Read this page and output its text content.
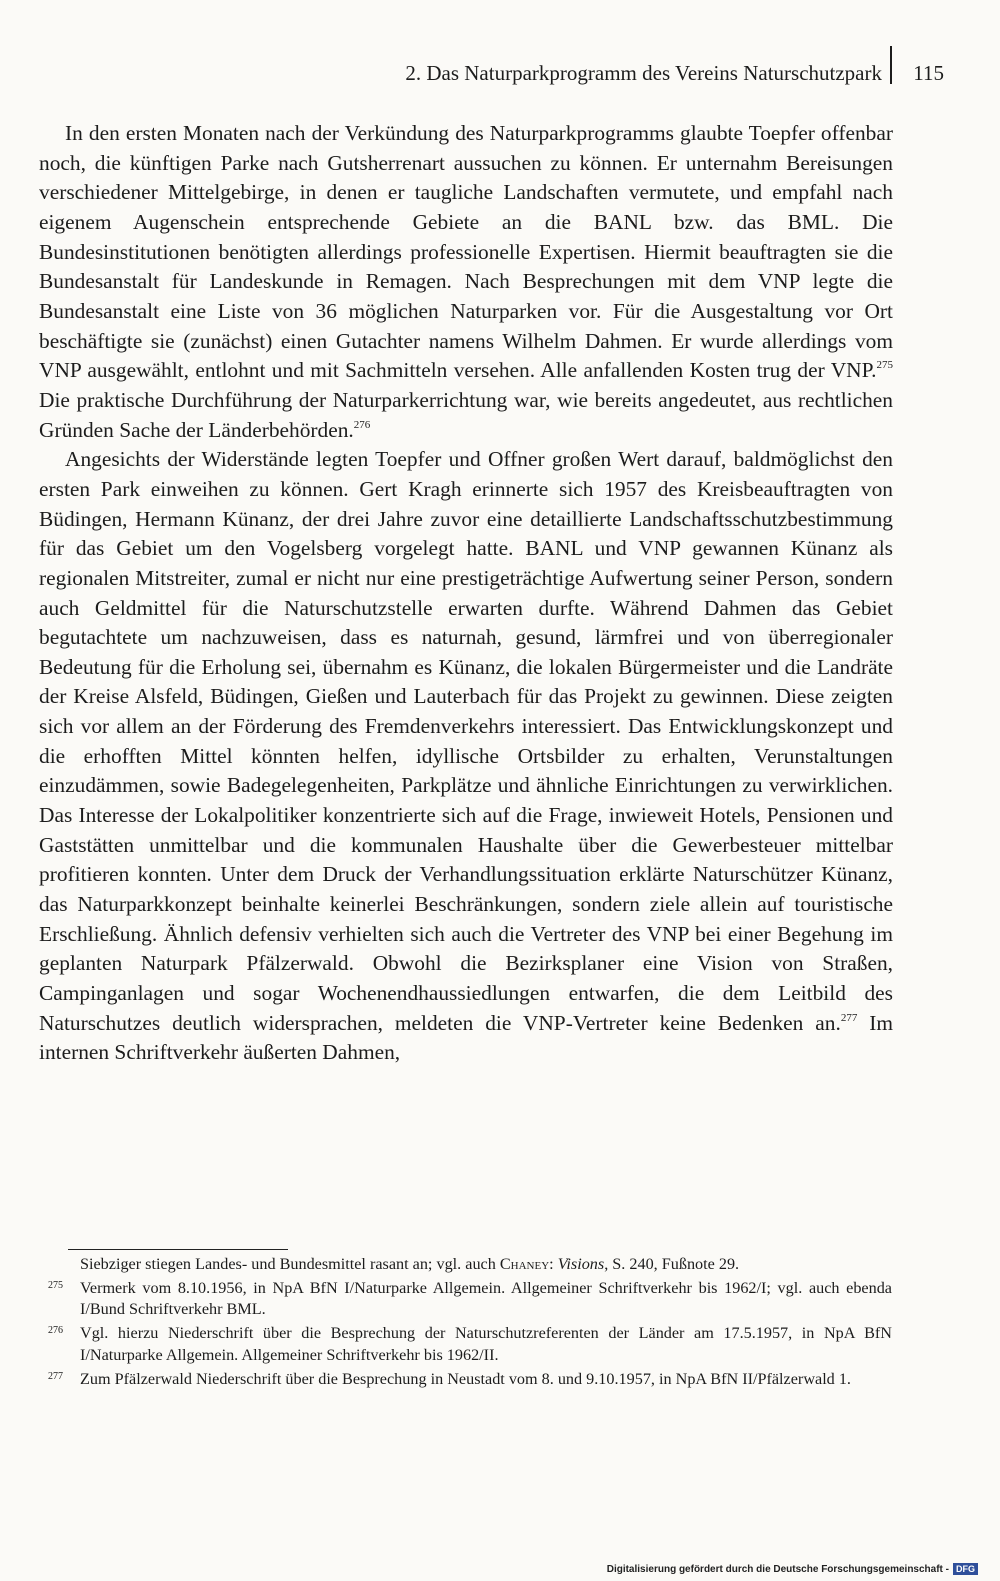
2. Das Naturparkprogramm des Vereins Naturschutzpark 115

In den ersten Monaten nach der Verkündung des Naturparkprogramms glaubte Toepfer offenbar noch, die künftigen Parke nach Gutsherrenart aussuchen zu können. Er unternahm Bereisungen verschiedener Mittelgebirge, in denen er taugliche Landschaften vermutete, und empfahl nach eigenem Augenschein entsprechende Gebiete an die BANL bzw. das BML. Die Bundesinstitutionen benötigten allerdings professionelle Expertisen. Hiermit beauftragten sie die Bundesanstalt für Landeskunde in Remagen. Nach Besprechungen mit dem VNP legte die Bundesanstalt eine Liste von 36 möglichen Naturparken vor. Für die Ausgestaltung vor Ort beschäftigte sie (zunächst) einen Gutachter namens Wilhelm Dahmen. Er wurde allerdings vom VNP ausgewählt, entlohnt und mit Sachmitteln versehen. Alle anfallenden Kosten trug der VNP.$^{275}$ Die praktische Durchführung der Naturparkerrichtung war, wie bereits angedeutet, aus rechtlichen Gründen Sache der Länderbehörden.$^{276}$

Angesichts der Widerstände legten Toepfer und Offner großen Wert darauf, baldmöglichst den ersten Park einweihen zu können. Gert Kragh erinnerte sich 1957 des Kreisbeauftragten von Büdingen, Hermann Künanz, der drei Jahre zuvor eine detaillierte Landschaftsschutzbestimmung für das Gebiet um den Vogelsberg vorgelegt hatte. BANL und VNP gewannen Künanz als regionalen Mitstreiter, zumal er nicht nur eine prestigeträchtige Aufwertung seiner Person, sondern auch Geldmittel für die Naturschutzstelle erwarten durfte. Während Dahmen das Gebiet begutachtete um nachzuweisen, dass es naturnah, gesund, lärmfrei und von überregionaler Bedeutung für die Erholung sei, übernahm es Künanz, die lokalen Bürgermeister und die Landräte der Kreise Alsfeld, Büdingen, Gießen und Lauterbach für das Projekt zu gewinnen. Diese zeigten sich vor allem an der Förderung des Fremdenverkehrs interessiert. Das Entwicklungskonzept und die erhofften Mittel könnten helfen, idyllische Ortsbilder zu erhalten, Verunstaltungen einzudämmen, sowie Badegelegenheiten, Parkplätze und ähnliche Einrichtungen zu verwirklichen. Das Interesse der Lokalpolitiker konzentrierte sich auf die Frage, inwieweit Hotels, Pensionen und Gaststätten unmittelbar und die kommunalen Haushalte über die Gewerbesteuer mittelbar profitieren konnten. Unter dem Druck der Verhandlungssituation erklärte Naturschützer Künanz, das Naturparkkonzept beinhalte keinerlei Beschränkungen, sondern ziele allein auf touristische Erschließung. Ähnlich defensiv verhielten sich auch die Vertreter des VNP bei einer Begehung im geplanten Naturpark Pfälzerwald. Obwohl die Bezirksplaner eine Vision von Straßen, Campinganlagen und sogar Wochenendhaussiedlungen entwarfen, die dem Leitbild des Naturschutzes deutlich widersprachen, meldeten die VNP-Vertreter keine Bedenken an.$^{277}$ Im internen Schriftverkehr äußerten Dahmen,

Siebziger stiegen Landes- und Bundesmittel rasant an; vgl. auch Chaney: Visions, S. 240, Fußnote 29.
275 Vermerk vom 8.10.1956, in NpA BfN I/Naturparke Allgemein. Allgemeiner Schriftverkehr bis 1962/I; vgl. auch ebenda I/Bund Schriftverkehr BML.
276 Vgl. hierzu Niederschrift über die Besprechung der Naturschutzreferenten der Länder am 17.5.1957, in NpA BfN I/Naturparke Allgemein. Allgemeiner Schriftverkehr bis 1962/II.
277 Zum Pfälzerwald Niederschrift über die Besprechung in Neustadt vom 8. und 9.10.1957, in NpA BfN II/Pfälzerwald 1.
Digitalisierung gefördert durch die Deutsche Forschungsgemeinschaft - DFG
